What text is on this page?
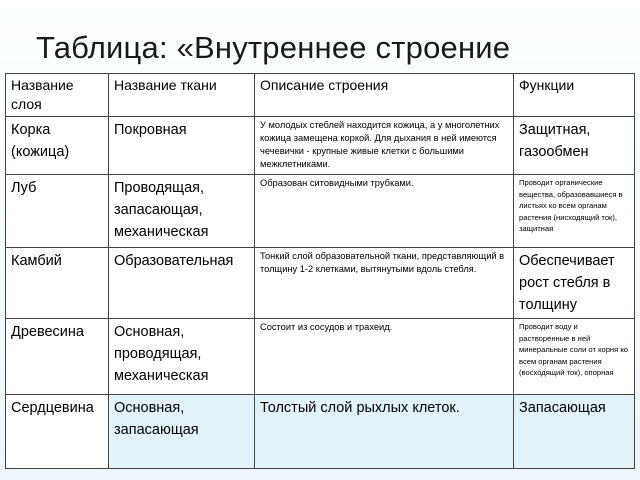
Таблица: «Внутреннее строение
Название слоя	Название ткани	Описание строения	Функции
Корка (кожица)	Покровная	У молодых стеблей находится кожица, а у многолетних кожица замещена коркой. Для дыхания в ней имеются чечевички - крупные живые клетки с большими межклетниками.	Защитная, газообмен
Луб	Проводящая, запасающая, механическая	Образован ситовидными трубками.	Проводит органические вещества, образовавшиеся в листьях ко всем органам растения (нисходящий ток), защитная
Камбий	Образовательная	Тонкий слой образовательной ткани, представляющий в толщину 1-2 клетками, вытянутыми вдоль стебля.	Обеспечивает рост стебля в толщину
Древесина	Основная, проводящая, механическая	Состоит из сосудов и трахеид.	Проводит воду и растворенные в ней минеральные соли от корня ко всем органам растения (восходящий ток), опорная
Сердцевина	Основная, запасающая	Толстый слой рыхлых клеток.	Запасающая
